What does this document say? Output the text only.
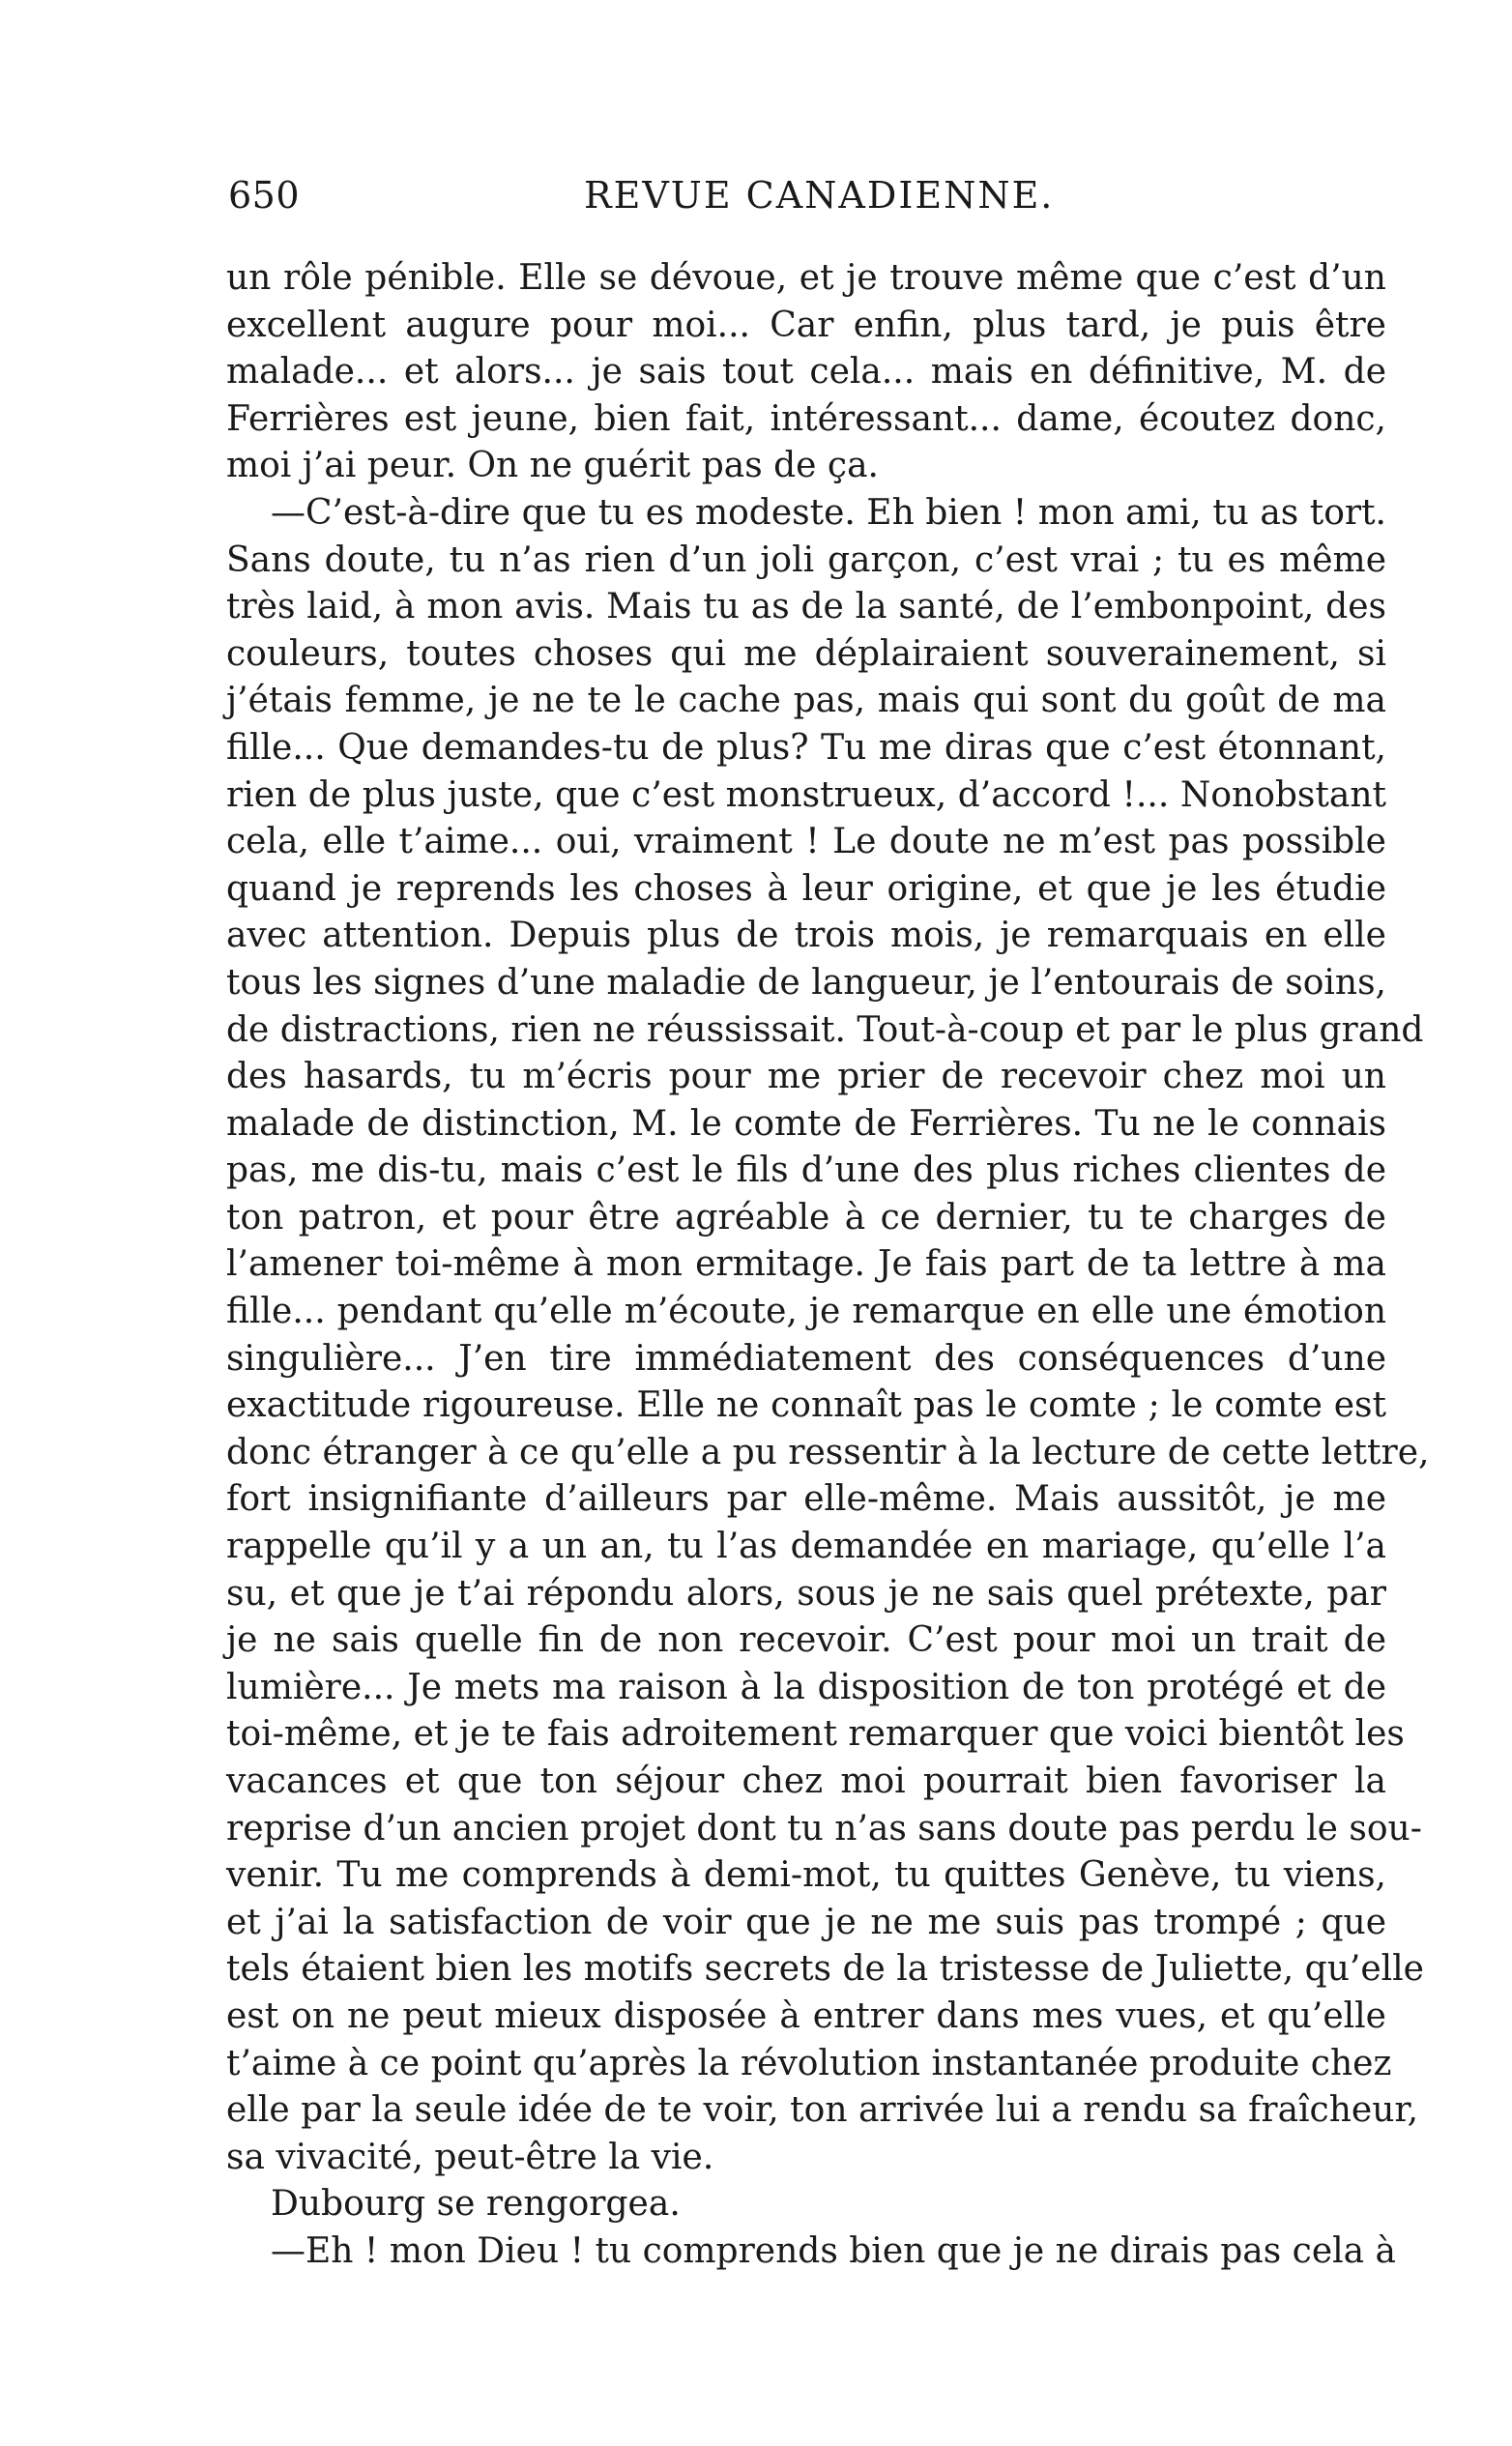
650	REVUE CANADIENNE.
un rôle pénible. Elle se dévoue, et je trouve même que c’est d’un
excellent augure pour moi... Car enfin, plus tard, je puis être
malade... et alors... je sais tout cela... mais en définitive, M. de
Ferrières est jeune, bien fait, intéressant... dame, écoutez donc,
moi j’ai peur. On ne guérit pas de ça.
—C’est-à-dire que tu es modeste. Eh bien ! mon ami, tu as tort.
Sans doute, tu n’as rien d’un joli garçon, c’est vrai ; tu es même
très laid, à mon avis. Mais tu as de la santé, de l’embonpoint, des
couleurs, toutes choses qui me déplairaient souverainement, si
j’étais femme, je ne te le cache pas, mais qui sont du goût de ma
fille... Que demandes-tu de plus? Tu me diras que c’est étonnant,
rien de plus juste, que c’est monstrueux, d’accord !... Nonobstant
cela, elle t’aime... oui, vraiment ! Le doute ne m’est pas possible
quand je reprends les choses à leur origine, et que je les étudie
avec attention. Depuis plus de trois mois, je remarquais en elle
tous les signes d’une maladie de langueur, je l’entourais de soins,
de distractions, rien ne réussissait. Tout-à-coup et par le plus grand
des hasards, tu m’écris pour me prier de recevoir chez moi un
malade de distinction, M. le comte de Ferrières. Tu ne le connais
pas, me dis-tu, mais c’est le fils d’une des plus riches clientes de
ton patron, et pour être agréable à ce dernier, tu te charges de
l’amener toi-même à mon ermitage. Je fais part de ta lettre à ma
fille... pendant qu’elle m’écoute, je remarque en elle une émotion
singulière... J’en tire immédiatement des conséquences d’une
exactitude rigoureuse. Elle ne connaît pas le comte ; le comte est
donc étranger à ce qu’elle a pu ressentir à la lecture de cette lettre,
fort insignifiante d’ailleurs par elle-même. Mais aussitôt, je me
rappelle qu’il y a un an, tu l’as demandée en mariage, qu’elle l’a
su, et que je t’ai répondu alors, sous je ne sais quel prétexte, par
je ne sais quelle fin de non recevoir. C’est pour moi un trait de
lumière... Je mets ma raison à la disposition de ton protégé et de
toi-même, et je te fais adroitement remarquer que voici bientôt les
vacances et que ton séjour chez moi pourrait bien favoriser la
reprise d’un ancien projet dont tu n’as sans doute pas perdu le sou-
venir. Tu me comprends à demi-mot, tu quittes Genève, tu viens,
et j’ai la satisfaction de voir que je ne me suis pas trompé ; que
tels étaient bien les motifs secrets de la tristesse de Juliette, qu’elle
est on ne peut mieux disposée à entrer dans mes vues, et qu’elle
t’aime à ce point qu’après la révolution instantanée produite chez
elle par la seule idée de te voir, ton arrivée lui a rendu sa fraîcheur,
sa vivacité, peut-être la vie.
Dubourg se rengorgea.
—Eh ! mon Dieu ! tu comprends bien que je ne dirais pas cela à
